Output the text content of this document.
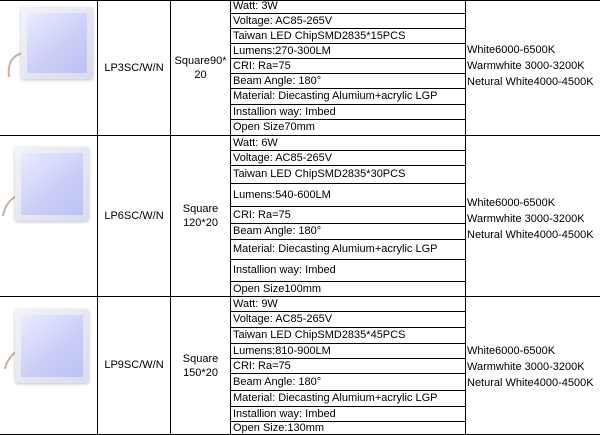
LP3SC/W/N
Square90* 20
Watt: 3W
Voltage: AC85-265V
Taiwan LED ChipSMD2835*15PCS
Lumens:270-300LM
CRI: Ra=75
Beam Angle: 180°
Material: Diecasting Alumium+acrylic LGP
Installion way: Imbed
Open Size70mm
White6000-6500K
Warmwhite 3000-3200K
Netural White4000-4500K
LP6SC/W/N
Square 120*20
Watt: 6W
Voltage: AC85-265V
Taiwan LED ChipSMD2835*30PCS
Lumens:540-600LM
CRI: Ra=75
Beam Angle: 180°
Material: Diecasting Alumium+acrylic LGP
Installion way: Imbed
Open Size100mm
White6000-6500K
Warmwhite 3000-3200K
Netural White4000-4500K
LP9SC/W/N
Square 150*20
Watt: 9W
Voltage: AC85-265V
Taiwan LED ChipSMD2835*45PCS
Lumens:810-900LM
CRI: Ra=75
Beam Angle: 180°
Material: Diecasting Alumium+acrylic LGP
Installion way: Imbed
Open Size:130mm
White6000-6500K
Warmwhite 3000-3200K
Netural White4000-4500K
